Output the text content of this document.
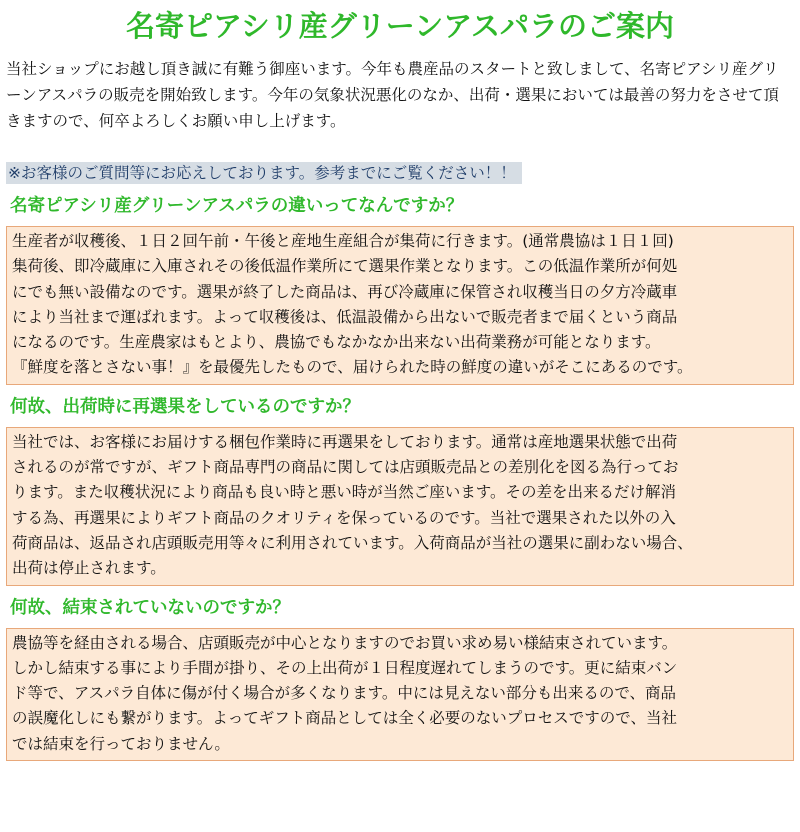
名寄ピアシリ産グリーンアスパラのご案内

当社ショップにお越し頂き誠に有難う御座います。今年も農産品のスタートと致しまして、名寄ピアシリ産グリーンアスパラの販売を開始致します。今年の気象状況悪化のなか、出荷・選果においては最善の努力をさせて頂きますので、何卒よろしくお願い申し上げます。

※お客様のご質問等にお応えしております。参考までにご覧ください！！
名寄ピアシリ産グリーンアスパラの違いってなんですか？
生産者が収穫後、１日２回午前・午後と産地生産組合が集荷に行きます。(通常農協は１日１回)
集荷後、即冷蔵庫に入庫されその後低温作業所にて選果作業となります。この低温作業所が何処
にでも無い設備なのです。選果が終了した商品は、再び冷蔵庫に保管され収穫当日の夕方冷蔵車
により当社まで運ばれます。よって収穫後は、低温設備から出ないで販売者まで届くという商品
になるのです。生産農家はもとより、農協でもなかなか出来ない出荷業務が可能となります。
『鮮度を落とさない事！』を最優先したもので、届けられた時の鮮度の違いがそこにあるのです。
何故、出荷時に再選果をしているのですか？
当社では、お客様にお届けする梱包作業時に再選果をしております。通常は産地選果状態で出荷
されるのが常ですが、ギフト商品専門の商品に関しては店頭販売品との差別化を図る為行ってお
ります。また収穫状況により商品も良い時と悪い時が当然ご座います。その差を出来るだけ解消
する為、再選果によりギフト商品のクオリティを保っているのです。当社で選果された以外の入
荷商品は、返品され店頭販売用等々に利用されています。入荷商品が当社の選果に副わない場合、
出荷は停止されます。
何故、結束されていないのですか？
農協等を経由される場合、店頭販売が中心となりますのでお買い求め易い様結束されています。
しかし結束する事により手間が掛り、その上出荷が１日程度遅れてしまうのです。更に結束バン
ド等で、アスパラ自体に傷が付く場合が多くなります。中には見えない部分も出来るので、商品
の誤魔化しにも繋がります。よってギフト商品としては全く必要のないプロセスですので、当社
では結束を行っておりません。
